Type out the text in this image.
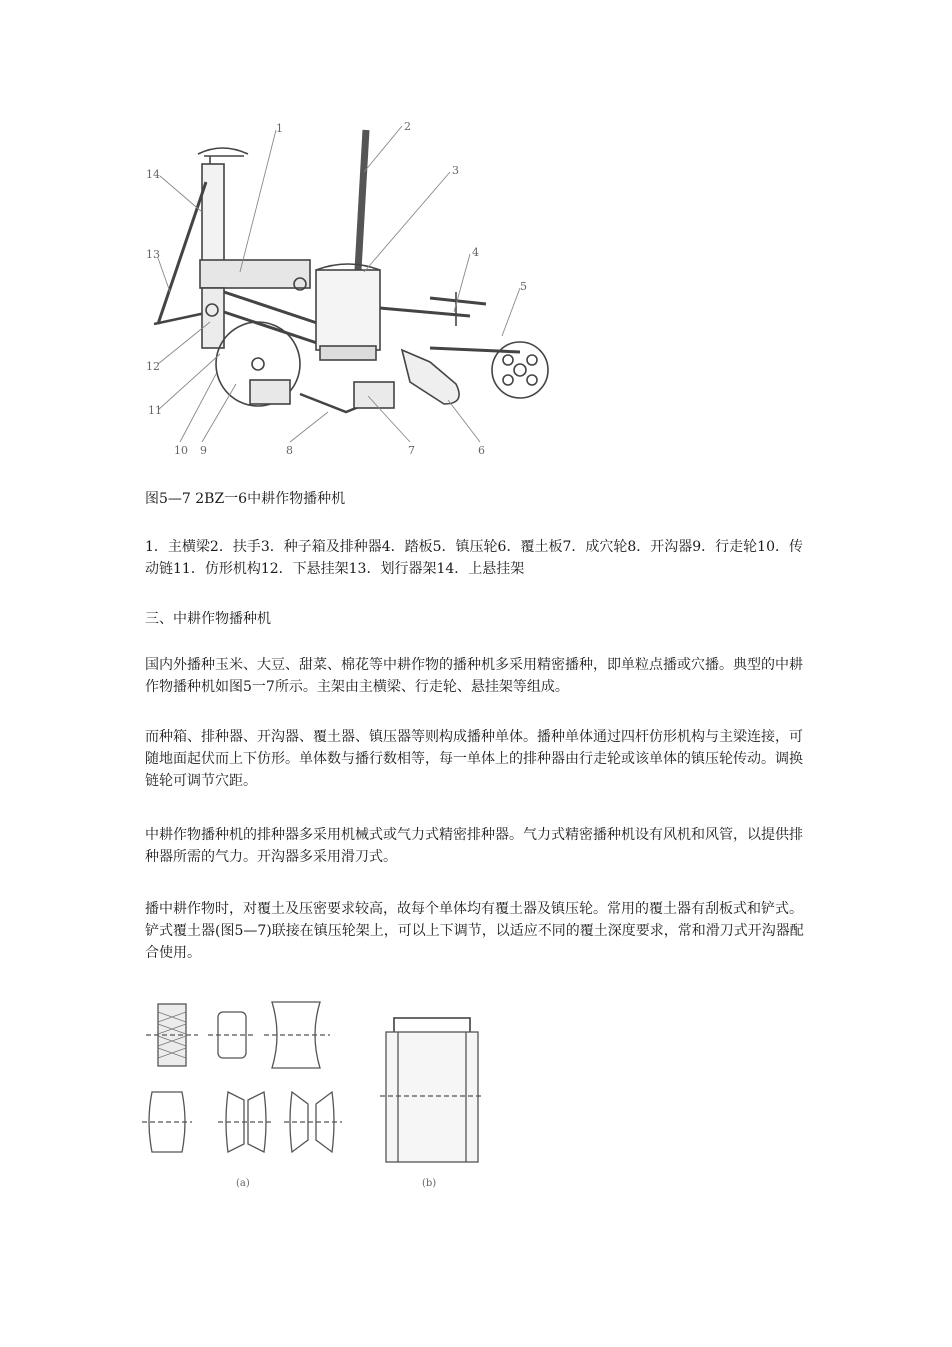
1	2
3
4
5
6
7
8
9
10
11
12
13
14

图5—7 2BZ一6中耕作物播种机

1．主横梁2．扶手3．种子箱及排种器4．踏板5．镇压轮6．覆土板7．成穴轮8．开沟器9．行走轮10．传动链11．仿形机构12．下悬挂架13．划行器架14．上悬挂架

三、中耕作物播种机

国内外播种玉米、大豆、甜菜、棉花等中耕作物的播种机多采用精密播种，即单粒点播或穴播。典型的中耕作物播种机如图5一7所示。主架由主横梁、行走轮、悬挂架等组成。

而种箱、排种器、开沟器、覆土器、镇压器等则构成播种单体。播种单体通过四杆仿形机构与主梁连接，可随地面起伏而上下仿形。单体数与播行数相等，每一单体上的排种器由行走轮或该单体的镇压轮传动。调换链轮可调节穴距。

中耕作物播种机的排种器多采用机械式或气力式精密排种器。气力式精密播种机设有风机和风管，以提供排种器所需的气力。开沟器多采用滑刀式。

播中耕作物时，对覆土及压密要求较高，故每个单体均有覆土器及镇压轮。常用的覆土器有刮板式和铲式。铲式覆土器(图5—7)联接在镇压轮架上，可以上下调节，以适应不同的覆土深度要求，常和滑刀式开沟器配合使用。

(a)	(b)
